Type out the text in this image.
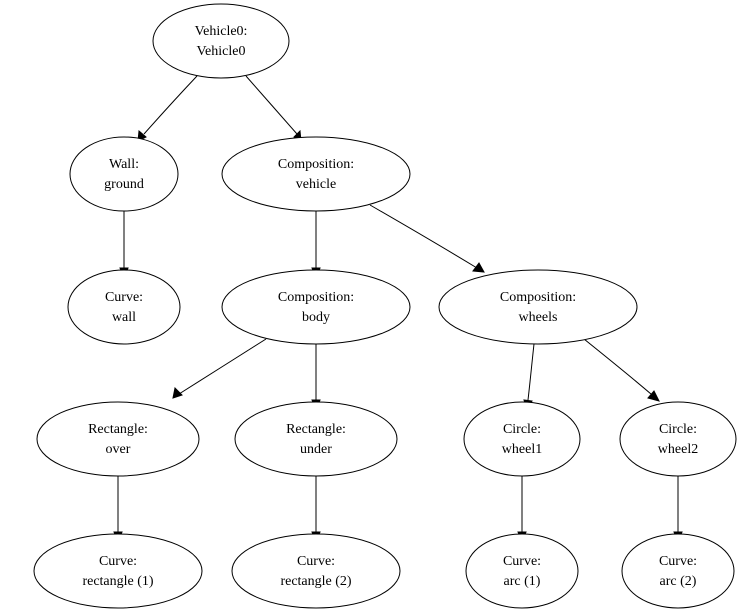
Vehicle0:
Vehicle0
Wall:
ground
Composition:
vehicle
Curve:
wall
Composition:
body
Composition:
wheels
Rectangle:
over
Rectangle:
under
Circle:
wheel1
Circle:
wheel2
Curve:
rectangle (1)
Curve:
rectangle (2)
Curve:
arc (1)
Curve:
arc (2)
